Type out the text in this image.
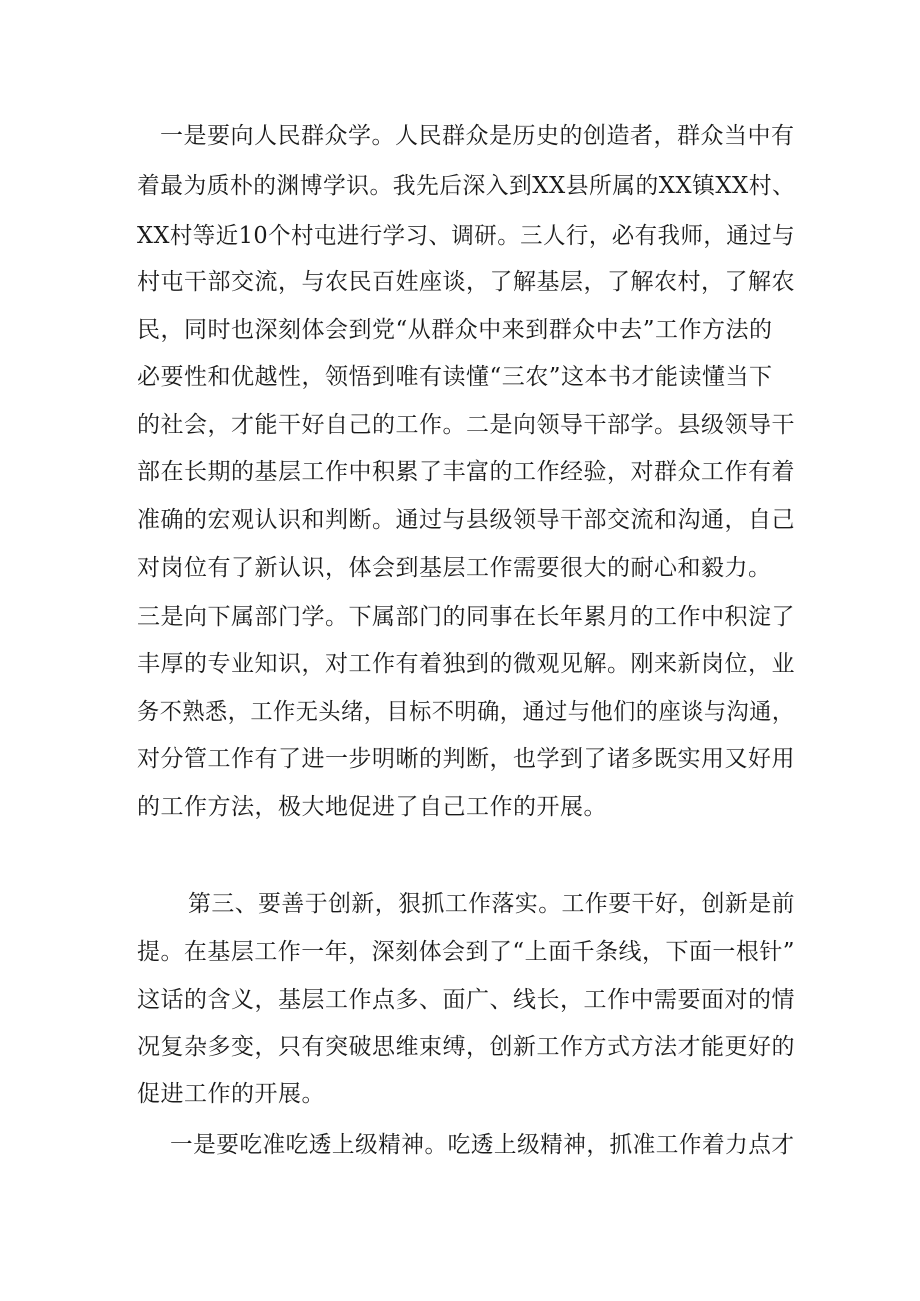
一是要向人民群众学。人民群众是历史的创造者，群众当中有
着最为质朴的渊博学识。我先后深入到XX县所属的XX镇XX村、
XX村等近10个村屯进行学习、调研。三人行，必有我师，通过与
村屯干部交流，与农民百姓座谈，了解基层，了解农村，了解农
民，同时也深刻体会到党“从群众中来到群众中去”工作方法的
必要性和优越性，领悟到唯有读懂“三农”这本书才能读懂当下
的社会，才能干好自己的工作。二是向领导干部学。县级领导干
部在长期的基层工作中积累了丰富的工作经验，对群众工作有着
准确的宏观认识和判断。通过与县级领导干部交流和沟通，自己
对岗位有了新认识，体会到基层工作需要很大的耐心和毅力。
三是向下属部门学。下属部门的同事在长年累月的工作中积淀了
丰厚的专业知识，对工作有着独到的微观见解。刚来新岗位，业
务不熟悉，工作无头绪，目标不明确，通过与他们的座谈与沟通，
对分管工作有了进一步明晰的判断，也学到了诸多既实用又好用
的工作方法，极大地促进了自己工作的开展。
第三、要善于创新，狠抓工作落实。工作要干好，创新是前
提。在基层工作一年，深刻体会到了“上面千条线，下面一根针”
这话的含义，基层工作点多、面广、线长，工作中需要面对的情
况复杂多变，只有突破思维束缚，创新工作方式方法才能更好的
促进工作的开展。
一是要吃准吃透上级精神。吃透上级精神，抓准工作着力点才
